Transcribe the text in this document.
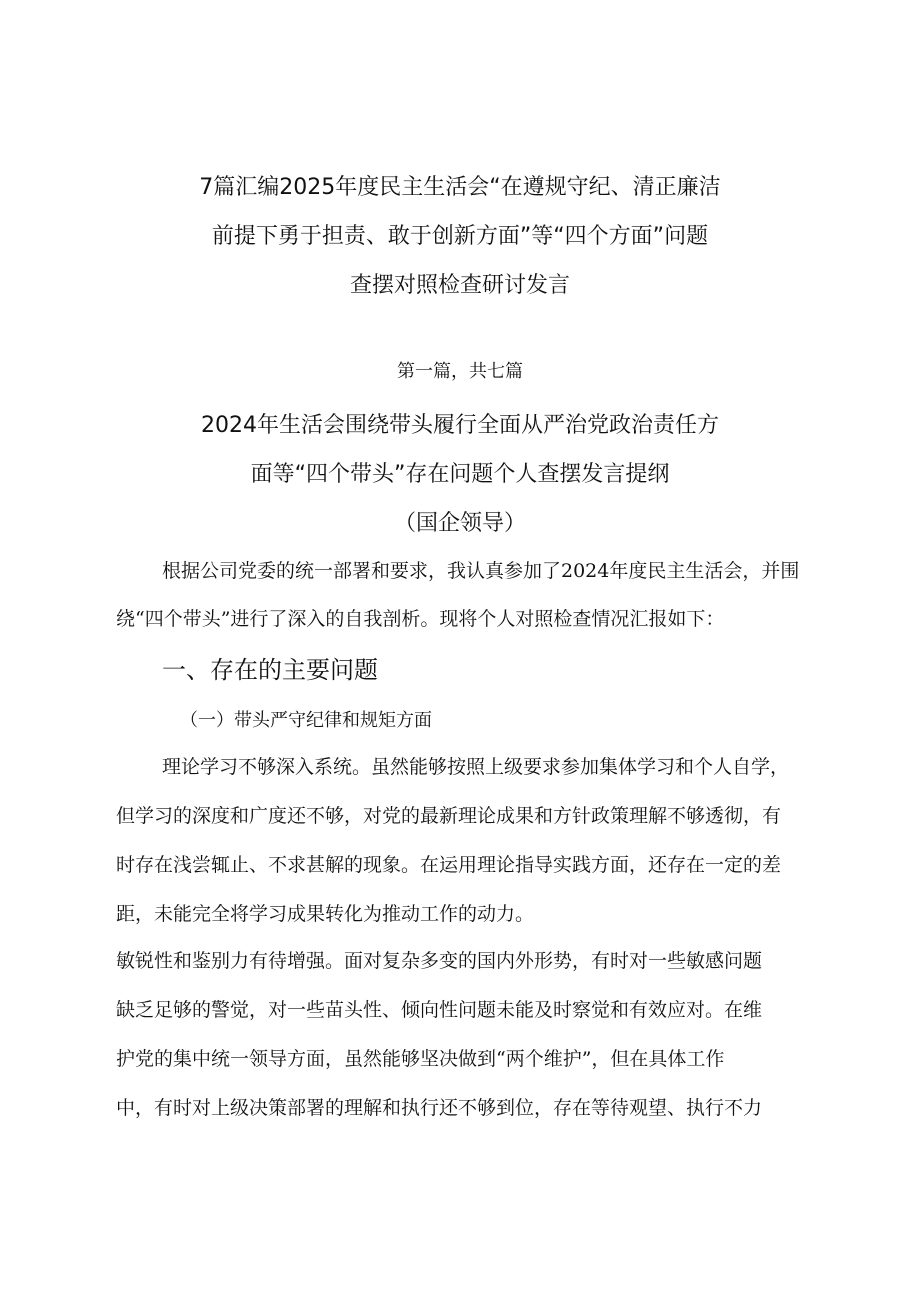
7篇汇编2025年度民主生活会“在遵规守纪、清正廉洁
前提下勇于担责、敢于创新方面”等“四个方面”问题
查摆对照检查研讨发言
第一篇，共七篇
2024年生活会围绕带头履行全面从严治党政治责任方
面等“四个带头”存在问题个人查摆发言提纲
（国企领导）
根据公司党委的统一部署和要求，我认真参加了2024年度民主生活会，并围
绕“四个带头”进行了深入的自我剖析。现将个人对照检查情况汇报如下：
一、存在的主要问题
（一）带头严守纪律和规矩方面
理论学习不够深入系统。虽然能够按照上级要求参加集体学习和个人自学，
但学习的深度和广度还不够，对党的最新理论成果和方针政策理解不够透彻，有
时存在浅尝辄止、不求甚解的现象。在运用理论指导实践方面，还存在一定的差
距，未能完全将学习成果转化为推动工作的动力。
敏锐性和鉴别力有待增强。面对复杂多变的国内外形势，有时对一些敏感问题
缺乏足够的警觉，对一些苗头性、倾向性问题未能及时察觉和有效应对。在维
护党的集中统一领导方面，虽然能够坚决做到“两个维护”，但在具体工作
中，有时对上级决策部署的理解和执行还不够到位，存在等待观望、执行不力
